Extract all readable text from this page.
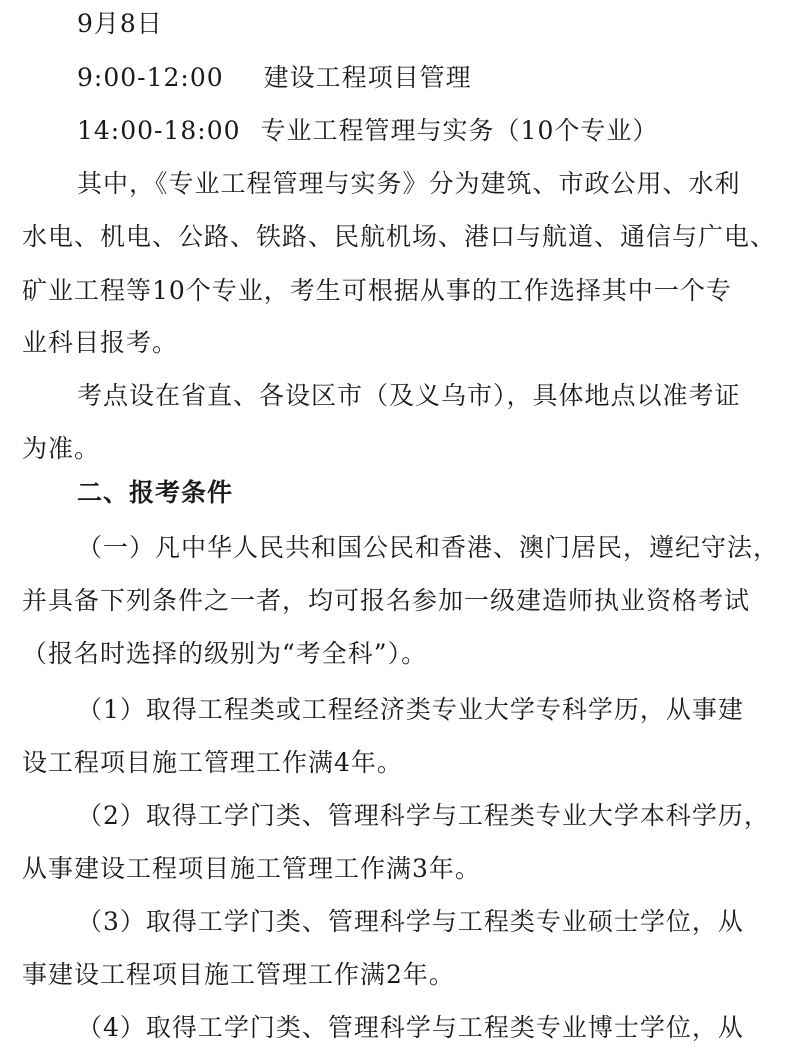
9月8日
9:00-12:00 建设工程项目管理
14:00-18:00 专业工程管理与实务（10个专业）
其中，《专业工程管理与实务》分为建筑、市政公用、水利
水电、机电、公路、铁路、民航机场、港口与航道、通信与广电、
矿业工程等10个专业，考生可根据从事的工作选择其中一个专
业科目报考。
考点设在省直、各设区市（及义乌市），具体地点以准考证
为准。
二、报考条件
（一）凡中华人民共和国公民和香港、澳门居民，遵纪守法，
并具备下列条件之一者，均可报名参加一级建造师执业资格考试
（报名时选择的级别为“考全科”）。
（1）取得工程类或工程经济类专业大学专科学历，从事建
设工程项目施工管理工作满4年。
（2）取得工学门类、管理科学与工程类专业大学本科学历，
从事建设工程项目施工管理工作满3年。
（3）取得工学门类、管理科学与工程类专业硕士学位，从
事建设工程项目施工管理工作满2年。
（4）取得工学门类、管理科学与工程类专业博士学位，从
